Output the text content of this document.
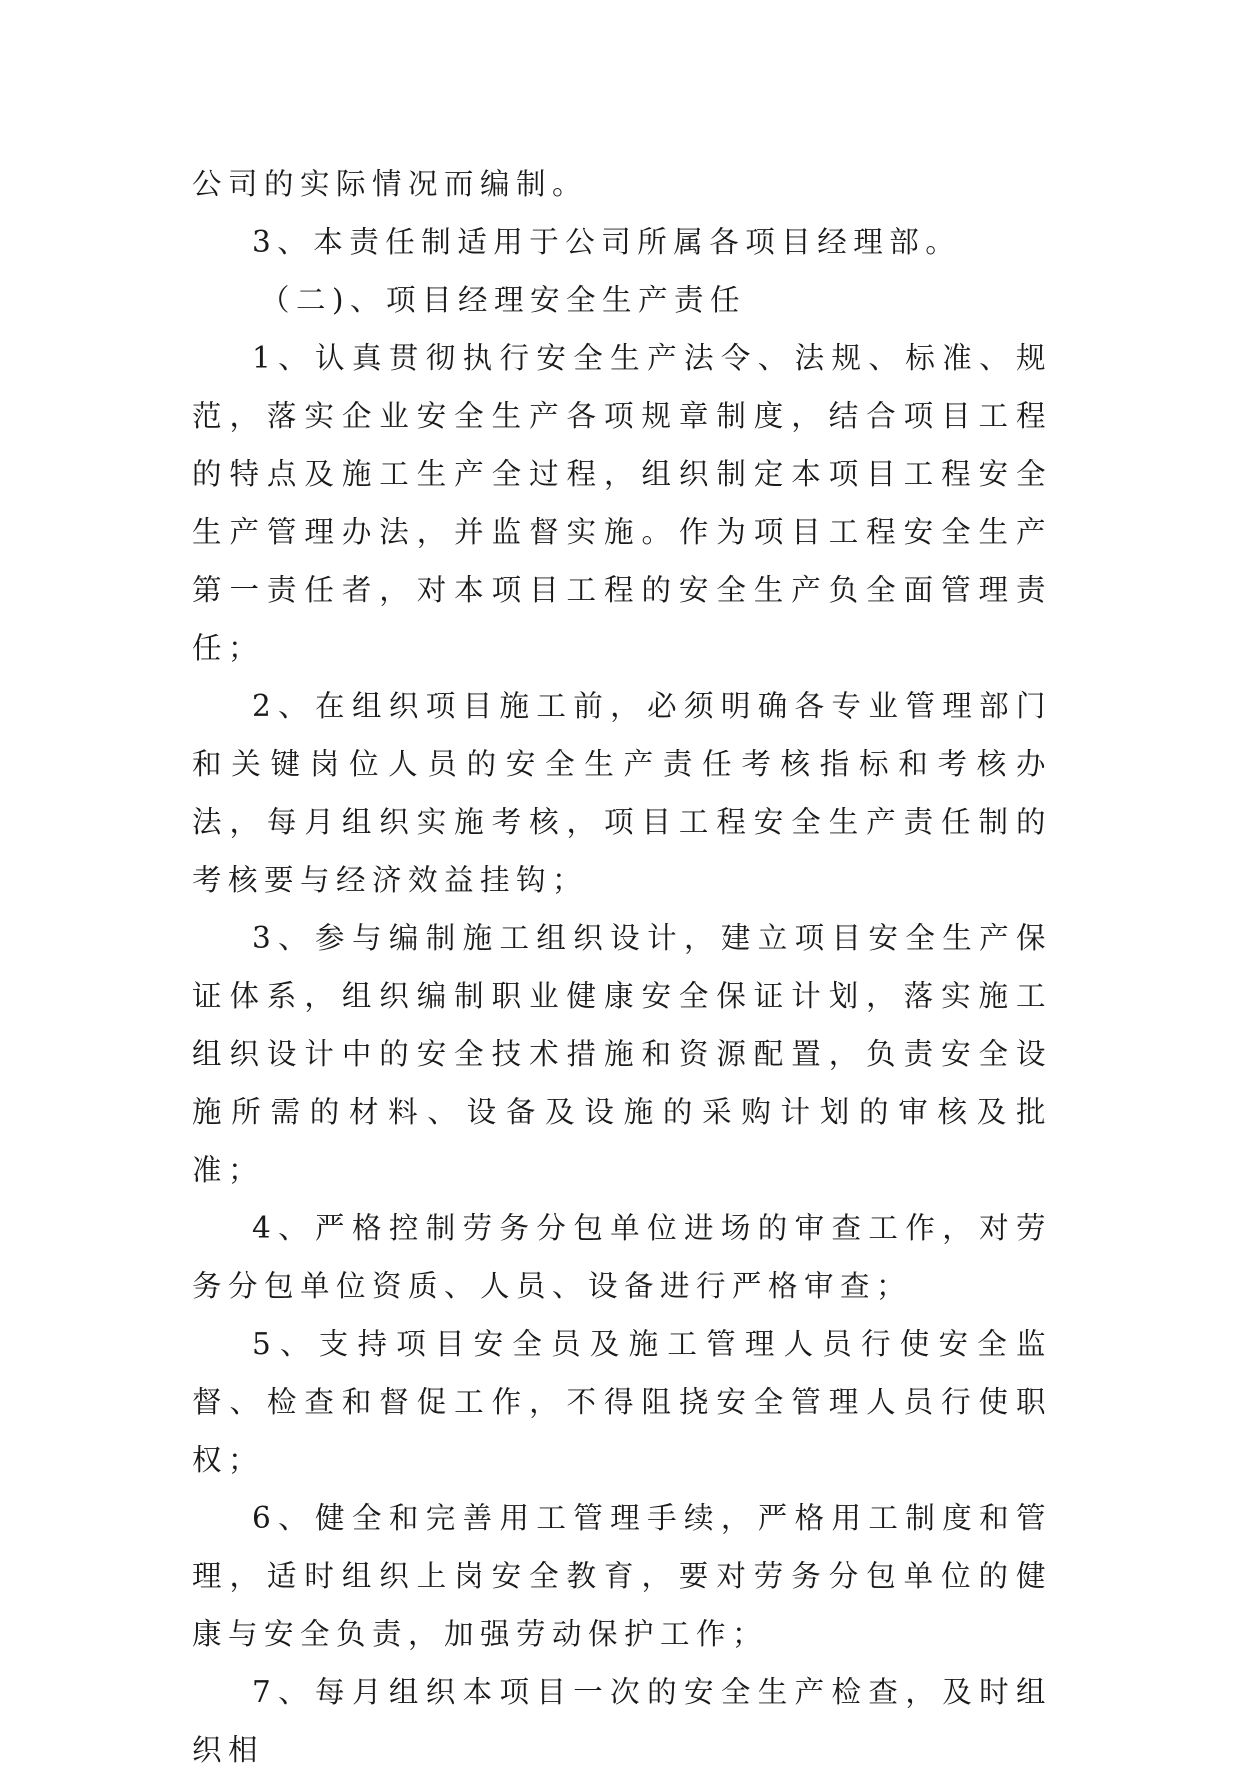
公司的实际情况而编制。

3、本责任制适用于公司所属各项目经理部。

（二)、项目经理安全生产责任

1、认真贯彻执行安全生产法令、法规、标准、规范，落实企业安全生产各项规章制度，结合项目工程的特点及施工生产全过程，组织制定本项目工程安全生产管理办法，并监督实施。作为项目工程安全生产第一责任者，对本项目工程的安全生产负全面管理责任；

2、在组织项目施工前，必须明确各专业管理部门和关键岗位人员的安全生产责任考核指标和考核办法，每月组织实施考核，项目工程安全生产责任制的考核要与经济效益挂钩；

3、参与编制施工组织设计，建立项目安全生产保证体系，组织编制职业健康安全保证计划，落实施工组织设计中的安全技术措施和资源配置，负责安全设施所需的材料、设备及设施的采购计划的审核及批准；

4、严格控制劳务分包单位进场的审查工作，对劳务分包单位资质、人员、设备进行严格审查；

5、支持项目安全员及施工管理人员行使安全监督、检查和督促工作，不得阻挠安全管理人员行使职权；

6、健全和完善用工管理手续，严格用工制度和管理，适时组织上岗安全教育，要对劳务分包单位的健康与安全负责，加强劳动保护工作；

7、每月组织本项目一次的安全生产检查，及时组织相
